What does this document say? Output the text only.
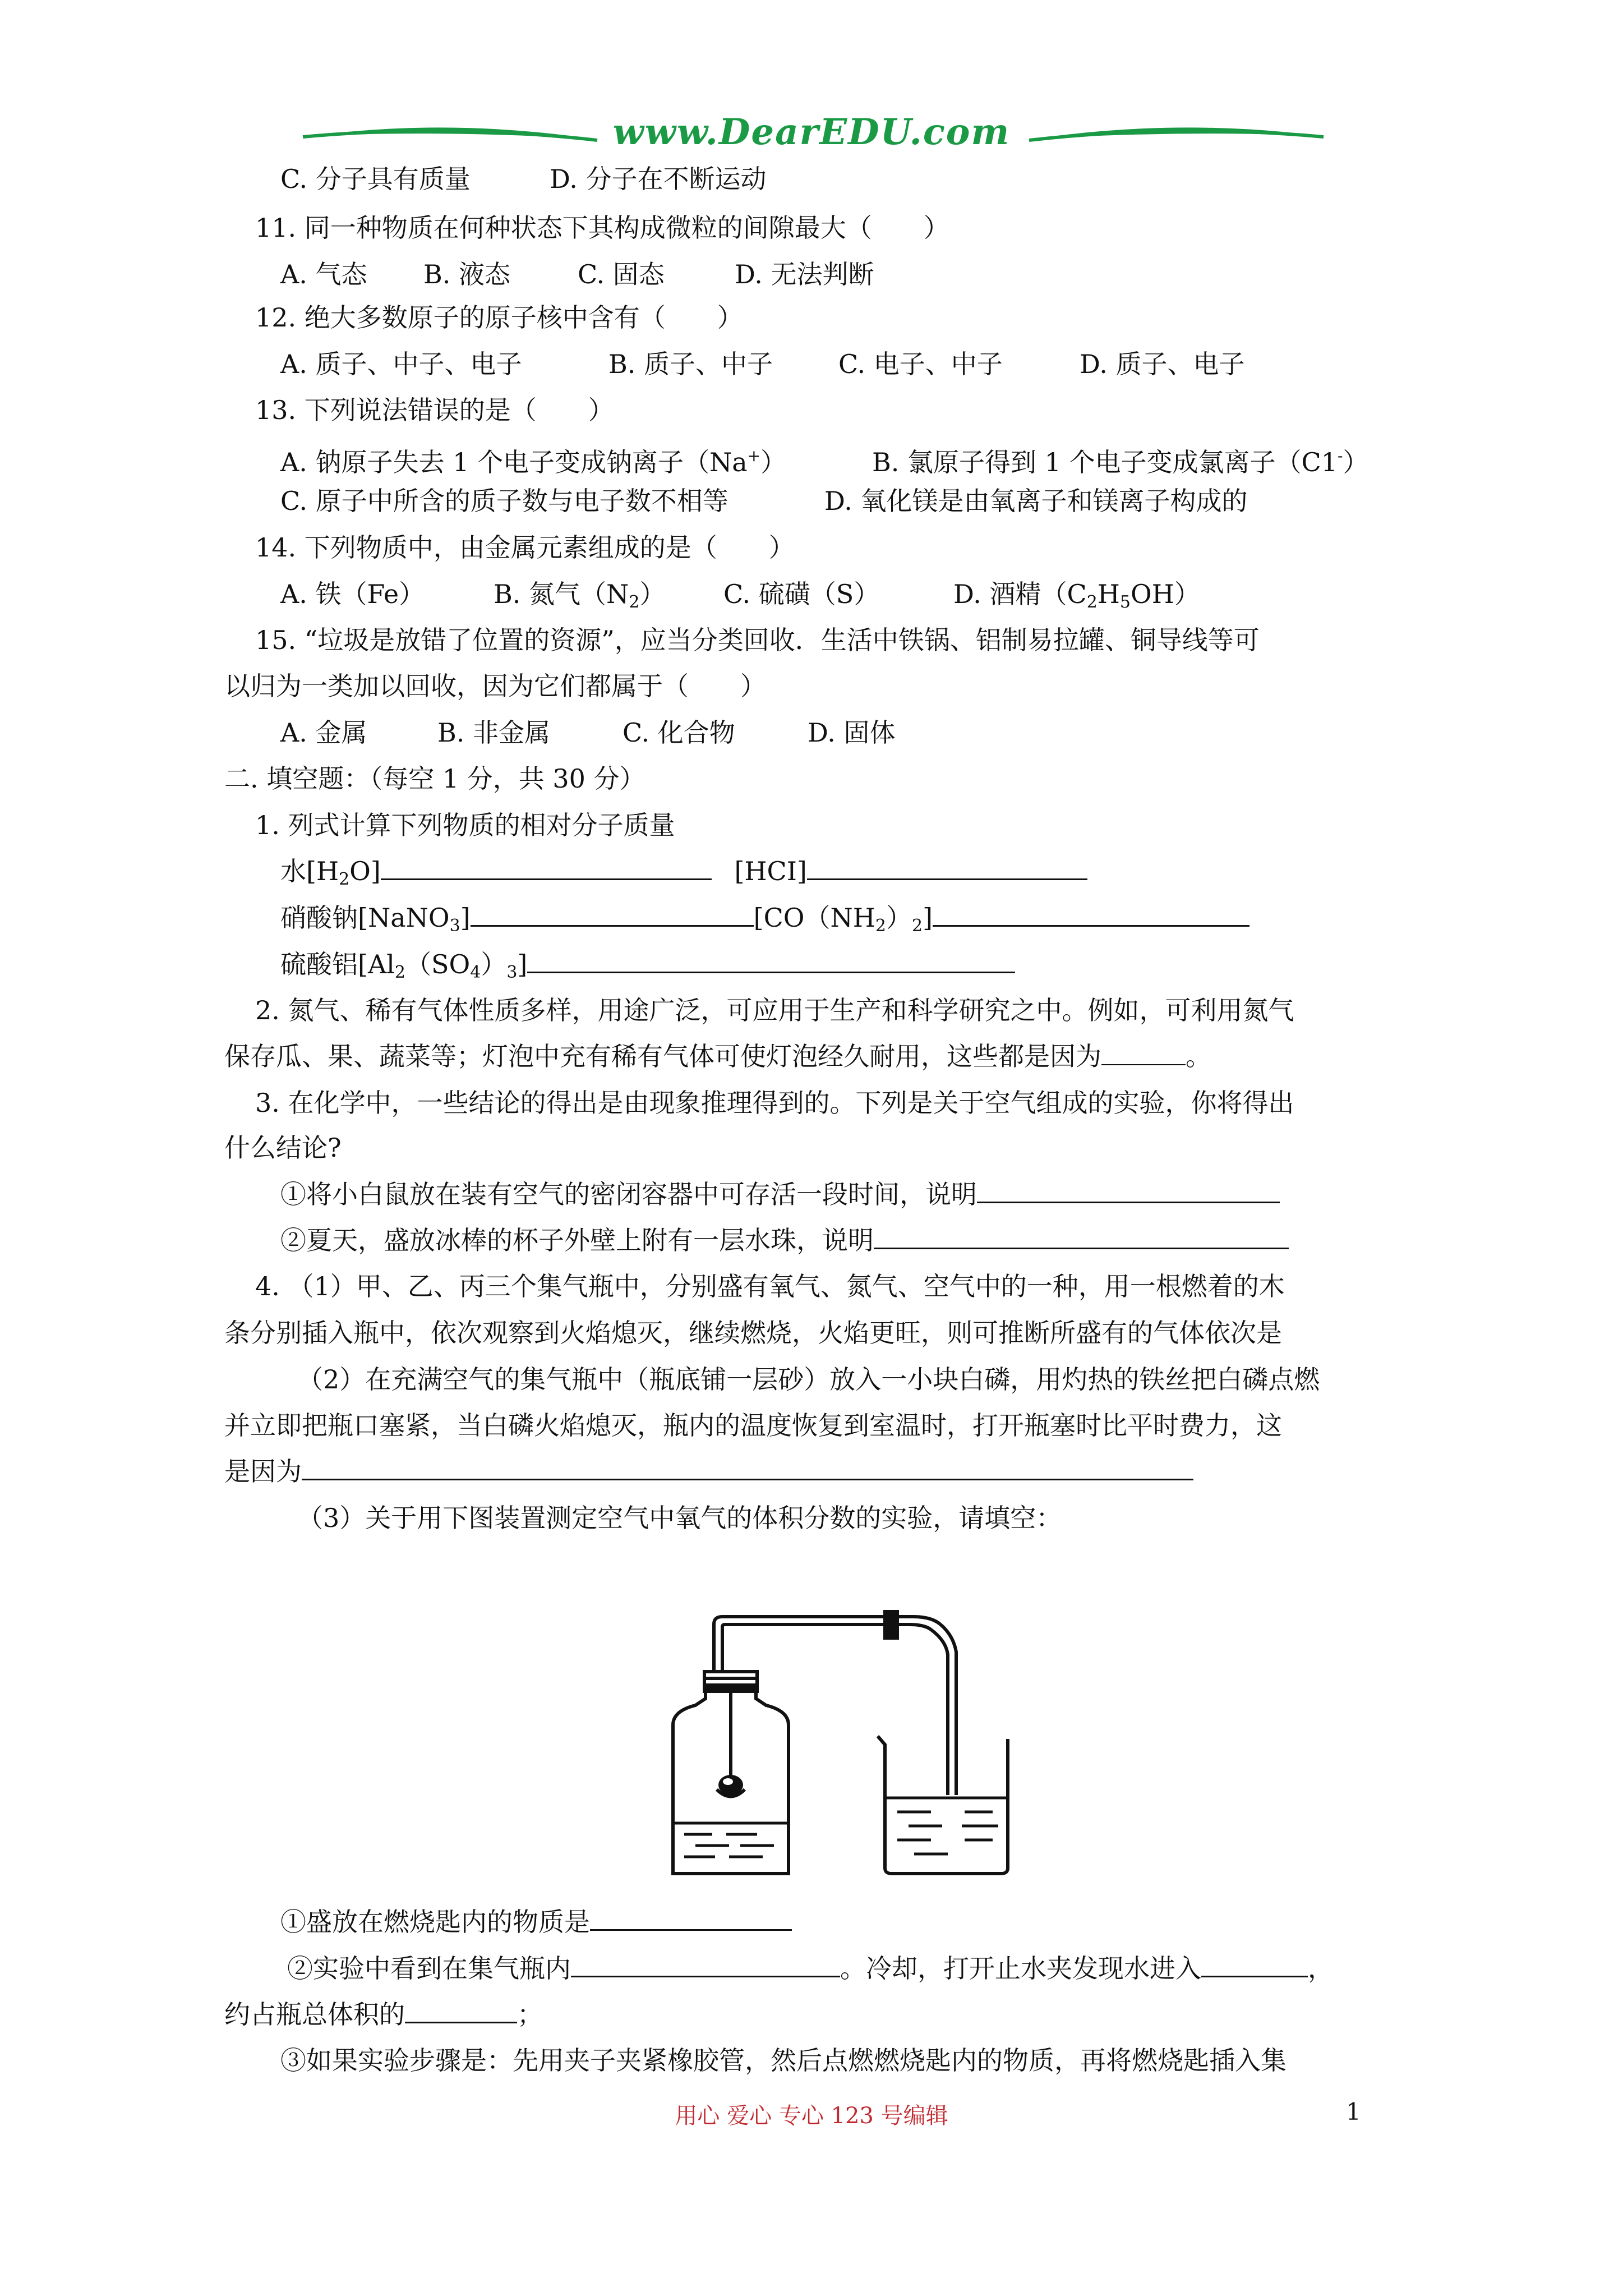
www.DearEDU.com
C. 分子具有质量	D. 分子在不断运动
11. 同一种物质在何种状态下其构成微粒的间隙最大（　　）
A. 气态 B. 液态	C. 固态	D. 无法判断
12. 绝大多数原子的原子核中含有（　　）
A. 质子、中子、电子	B. 质子、中子	C. 电子、中子	D. 质子、电子
13. 下列说法错误的是（　　）
A. 钠原子失去 1 个电子变成钠离子（Na+）	B. 氯原子得到 1 个电子变成氯离子（C1-）
C. 原子中所含的质子数与电子数不相等	D. 氧化镁是由氧离子和镁离子构成的
14. 下列物质中，由金属元素组成的是（　　）
A. 铁（Fe）	B. 氮气$(N_2)$ C. 硫磺（S）	D. 酒精$(C_2H_5OH)$
15. “垃圾是放错了位置的资源”，应当分类回收．生活中铁锅、铝制易拉罐、铜导线等可
以归为一类加以回收，因为它们都属于（　　）
A. 金属	B. 非金属	C. 化合物	D. 固体
二. 填空题：（每空 1 分，共 30 分）
1. 列式计算下列物质的相对分子质量
水$[H_2O]$	[HCI]
硝酸钠[NaNO$_3$]	$[CO(NH_2)_2]$
硫酸铝$[Al_2(SO_4)_3]$
2. 氮气、稀有气体性质多样，用途广泛，可应用于生产和科学研究之中。例如，可利用氮气
保存瓜、果、蔬菜等；灯泡中充有稀有气体可使灯泡经久耐用，这些都是因为	。
3. 在化学中，一些结论的得出是由现象推理得到的。下列是关于空气组成的实验，你将得出
什么结论?
①将小白鼠放在装有空气的密闭容器中可存活一段时间，说明
②夏天，盛放冰棒的杯子外壁上附有一层水珠，说明
4. （1）甲、乙、丙三个集气瓶中，分别盛有氧气、氮气、空气中的一种，用一根燃着的木
条分别插入瓶中，依次观察到火焰熄灭，继续燃烧，火焰更旺，则可推断所盛有的气体依次是
（2）在充满空气的集气瓶中（瓶底铺一层砂）放入一小块白磷，用灼热的铁丝把白磷点燃
并立即把瓶口塞紧，当白磷火焰熄灭，瓶内的温度恢复到室温时，打开瓶塞时比平时费力，这
是因为
（3）关于用下图装置测定空气中氧气的体积分数的实验，请填空：
①盛放在燃烧匙内的物质是
②实验中看到在集气瓶内	。冷却，打开止水夹发现水进入	，
约占瓶总体积的	；
③如果实验步骤是：先用夹子夹紧橡胶管，然后点燃燃烧匙内的物质，再将燃烧匙插入集
用心 爱心 专心 123 号编辑	1
